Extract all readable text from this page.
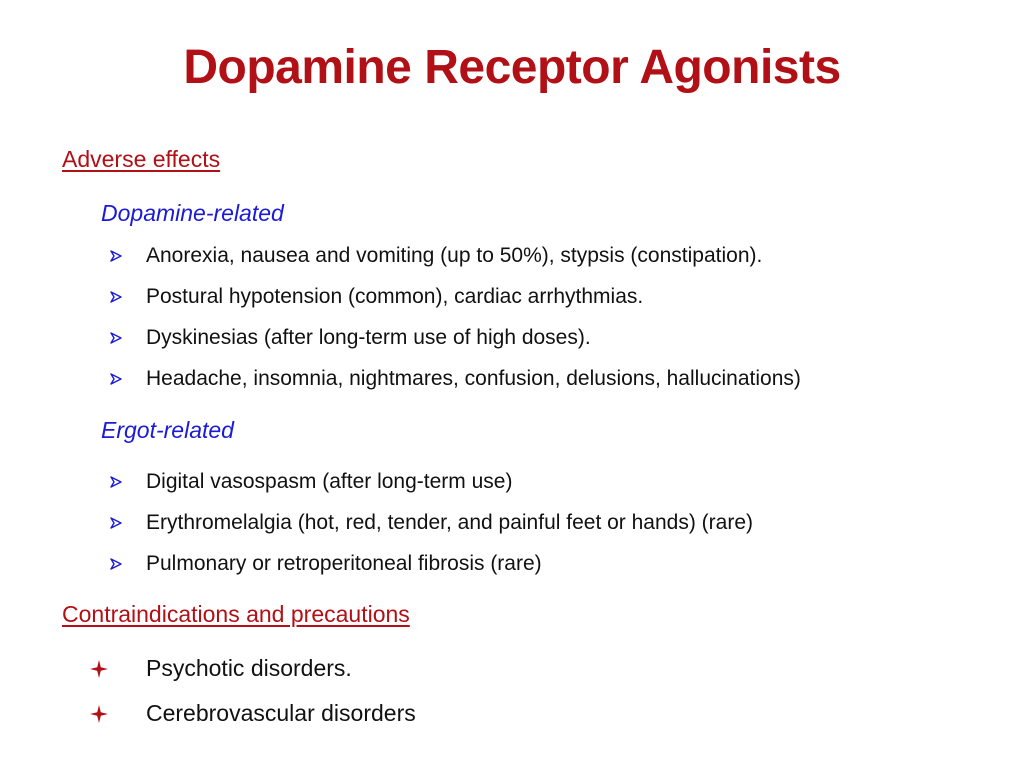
Dopamine Receptor Agonists
Adverse effects
Dopamine-related
Anorexia, nausea and vomiting (up to 50%), stypsis (constipation).
Postural hypotension (common), cardiac arrhythmias.
Dyskinesias (after long-term use of high doses).
Headache, insomnia, nightmares, confusion, delusions, hallucinations)
Ergot-related
Digital vasospasm (after long-term use)
Erythromelalgia (hot, red, tender, and painful feet or hands) (rare)
Pulmonary or retroperitoneal fibrosis (rare)
Contraindications and precautions
Psychotic disorders.
Cerebrovascular disorders
